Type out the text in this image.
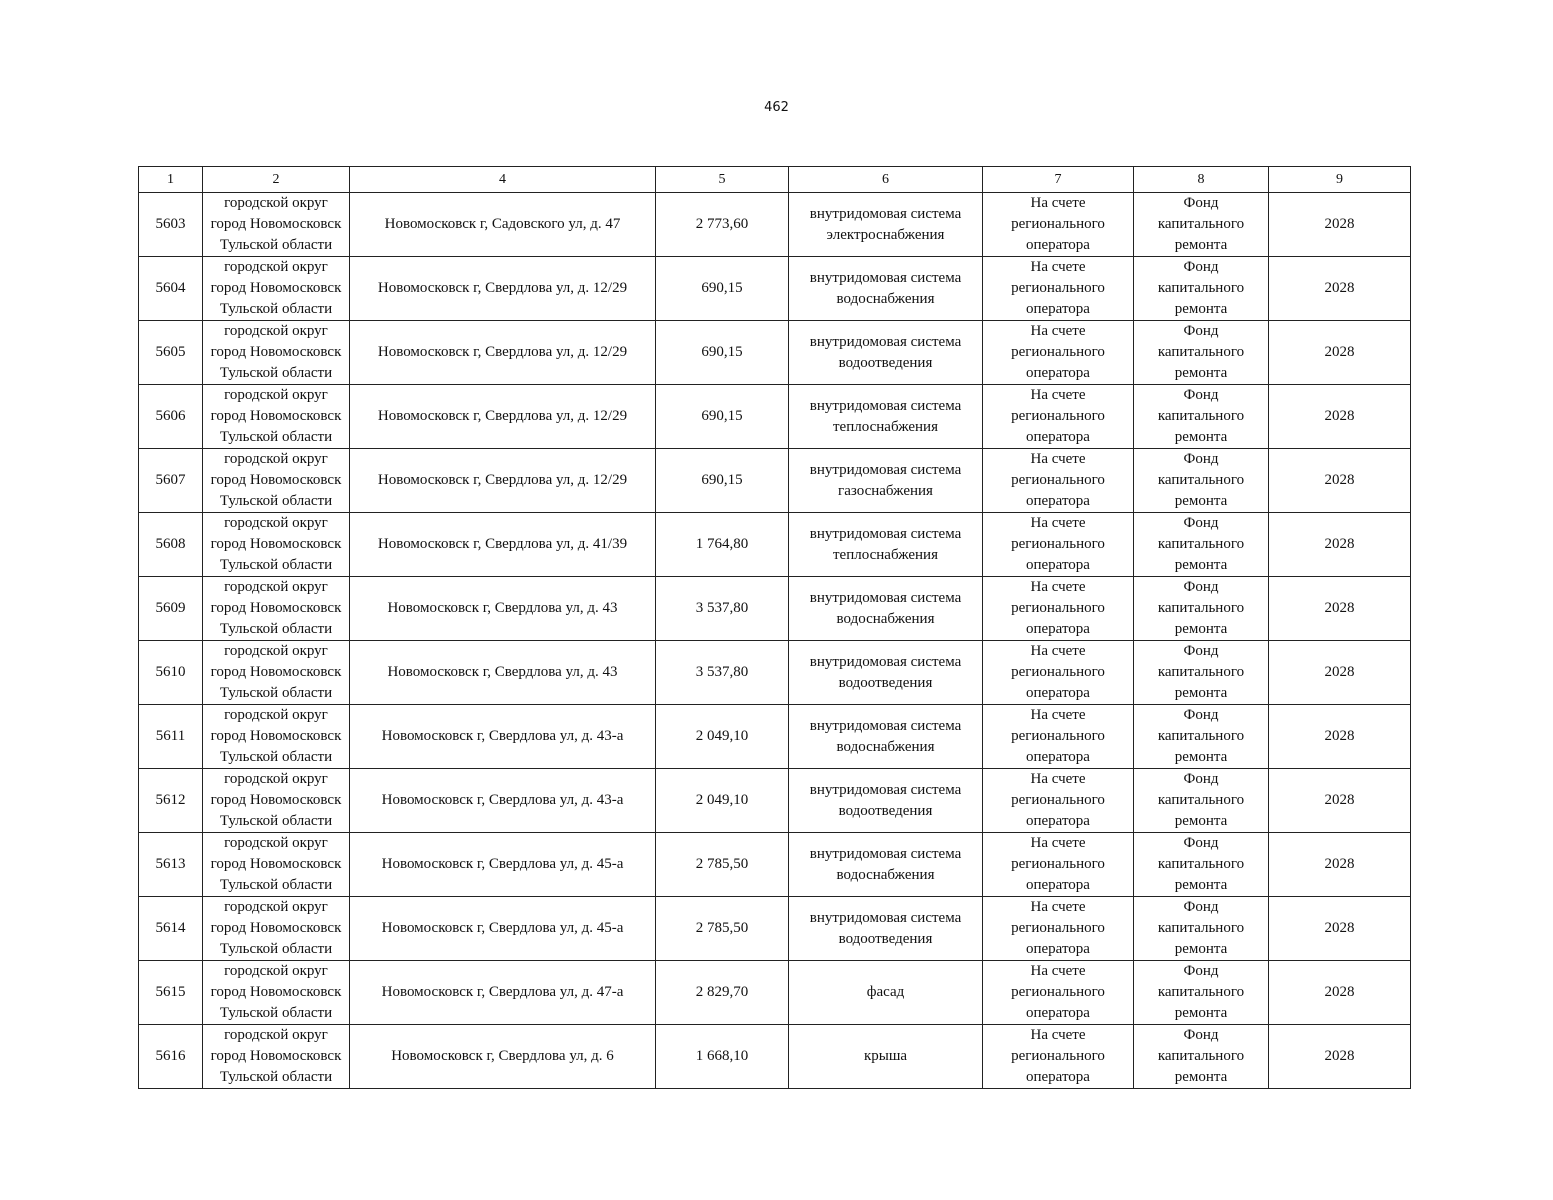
462
1	2	4	5	6	7	8	9
5603	городской округ
город Новомосковск
Тульской области	Новомосковск г, Садовского ул, д. 47	2 773,60	внутридомовая система
электроснабжения	На счете
регионального
оператора	Фонд
капитального
ремонта	2028
5604	городской округ
город Новомосковск
Тульской области	Новомосковск г, Свердлова ул, д. 12/29	690,15	внутридомовая система
водоснабжения	На счете
регионального
оператора	Фонд
капитального
ремонта	2028
5605	городской округ
город Новомосковск
Тульской области	Новомосковск г, Свердлова ул, д. 12/29	690,15	внутридомовая система
водоотведения	На счете
регионального
оператора	Фонд
капитального
ремонта	2028
5606	городской округ
город Новомосковск
Тульской области	Новомосковск г, Свердлова ул, д. 12/29	690,15	внутридомовая система
теплоснабжения	На счете
регионального
оператора	Фонд
капитального
ремонта	2028
5607	городской округ
город Новомосковск
Тульской области	Новомосковск г, Свердлова ул, д. 12/29	690,15	внутридомовая система
газоснабжения	На счете
регионального
оператора	Фонд
капитального
ремонта	2028
5608	городской округ
город Новомосковск
Тульской области	Новомосковск г, Свердлова ул, д. 41/39	1 764,80	внутридомовая система
теплоснабжения	На счете
регионального
оператора	Фонд
капитального
ремонта	2028
5609	городской округ
город Новомосковск
Тульской области	Новомосковск г, Свердлова ул, д. 43	3 537,80	внутридомовая система
водоснабжения	На счете
регионального
оператора	Фонд
капитального
ремонта	2028
5610	городской округ
город Новомосковск
Тульской области	Новомосковск г, Свердлова ул, д. 43	3 537,80	внутридомовая система
водоотведения	На счете
регионального
оператора	Фонд
капитального
ремонта	2028
5611	городской округ
город Новомосковск
Тульской области	Новомосковск г, Свердлова ул, д. 43-а	2 049,10	внутридомовая система
водоснабжения	На счете
регионального
оператора	Фонд
капитального
ремонта	2028
5612	городской округ
город Новомосковск
Тульской области	Новомосковск г, Свердлова ул, д. 43-а	2 049,10	внутридомовая система
водоотведения	На счете
регионального
оператора	Фонд
капитального
ремонта	2028
5613	городской округ
город Новомосковск
Тульской области	Новомосковск г, Свердлова ул, д. 45-а	2 785,50	внутридомовая система
водоснабжения	На счете
регионального
оператора	Фонд
капитального
ремонта	2028
5614	городской округ
город Новомосковск
Тульской области	Новомосковск г, Свердлова ул, д. 45-а	2 785,50	внутридомовая система
водоотведения	На счете
регионального
оператора	Фонд
капитального
ремонта	2028
5615	городской округ
город Новомосковск
Тульской области	Новомосковск г, Свердлова ул, д. 47-а	2 829,70	фасад	На счете
регионального
оператора	Фонд
капитального
ремонта	2028
5616	городской округ
город Новомосковск
Тульской области	Новомосковск г, Свердлова ул, д. 6	1 668,10	крыша	На счете
регионального
оператора	Фонд
капитального
ремонта	2028
